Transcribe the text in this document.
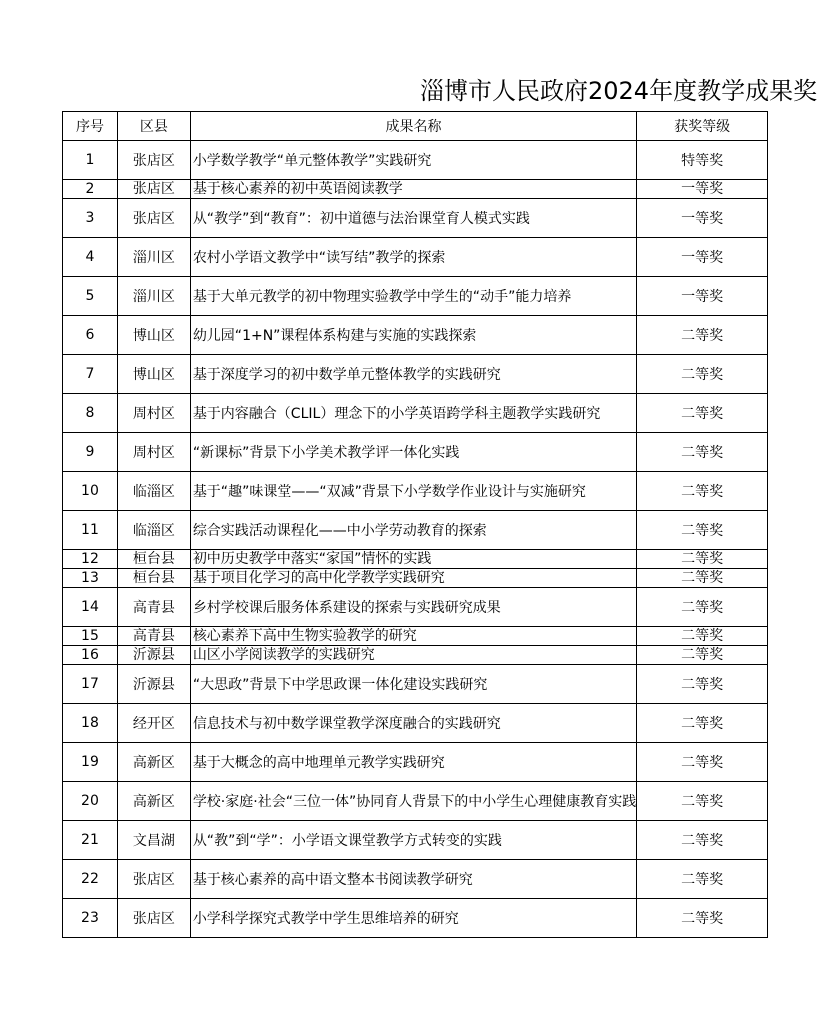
淄博市人民政府2024年度教学成果奖
序号	区县	成果名称	获奖等级
1	张店区	小学数学教学“单元整体教学”实践研究	特等奖
2	张店区	基于核心素养的初中英语阅读教学	一等奖
3	张店区	从“教学”到“教育”：初中道德与法治课堂育人模式实践	一等奖
4	淄川区	农村小学语文教学中“读写结”教学的探索	一等奖
5	淄川区	基于大单元教学的初中物理实验教学中学生的“动手”能力培养	一等奖
6	博山区	幼儿园“1+N”课程体系构建与实施的实践探索	二等奖
7	博山区	基于深度学习的初中数学单元整体教学的实践研究	二等奖
8	周村区	基于内容融合（CLIL）理念下的小学英语跨学科主题教学实践研究	二等奖
9	周村区	“新课标”背景下小学美术教学评一体化实践	二等奖
10	临淄区	基于“趣”味课堂——“双减”背景下小学数学作业设计与实施研究	二等奖
11	临淄区	综合实践活动课程化——中小学劳动教育的探索	二等奖
12	桓台县	初中历史教学中落实“家国”情怀的实践	二等奖
13	桓台县	基于项目化学习的高中化学教学实践研究	二等奖
14	高青县	乡村学校课后服务体系建设的探索与实践研究成果	二等奖
15	高青县	核心素养下高中生物实验教学的研究	二等奖
16	沂源县	山区小学阅读教学的实践研究	二等奖
17	沂源县	“大思政”背景下中学思政课一体化建设实践研究	二等奖
18	经开区	信息技术与初中数学课堂教学深度融合的实践研究	二等奖
19	高新区	基于大概念的高中地理单元教学实践研究	二等奖
20	高新区	学校·家庭·社会“三位一体”协同育人背景下的中小学生心理健康教育实践	二等奖
21	文昌湖	从“教”到“学”：小学语文课堂教学方式转变的实践	二等奖
22	张店区	基于核心素养的高中语文整本书阅读教学研究	二等奖
23	张店区	小学科学探究式教学中学生思维培养的研究	二等奖
